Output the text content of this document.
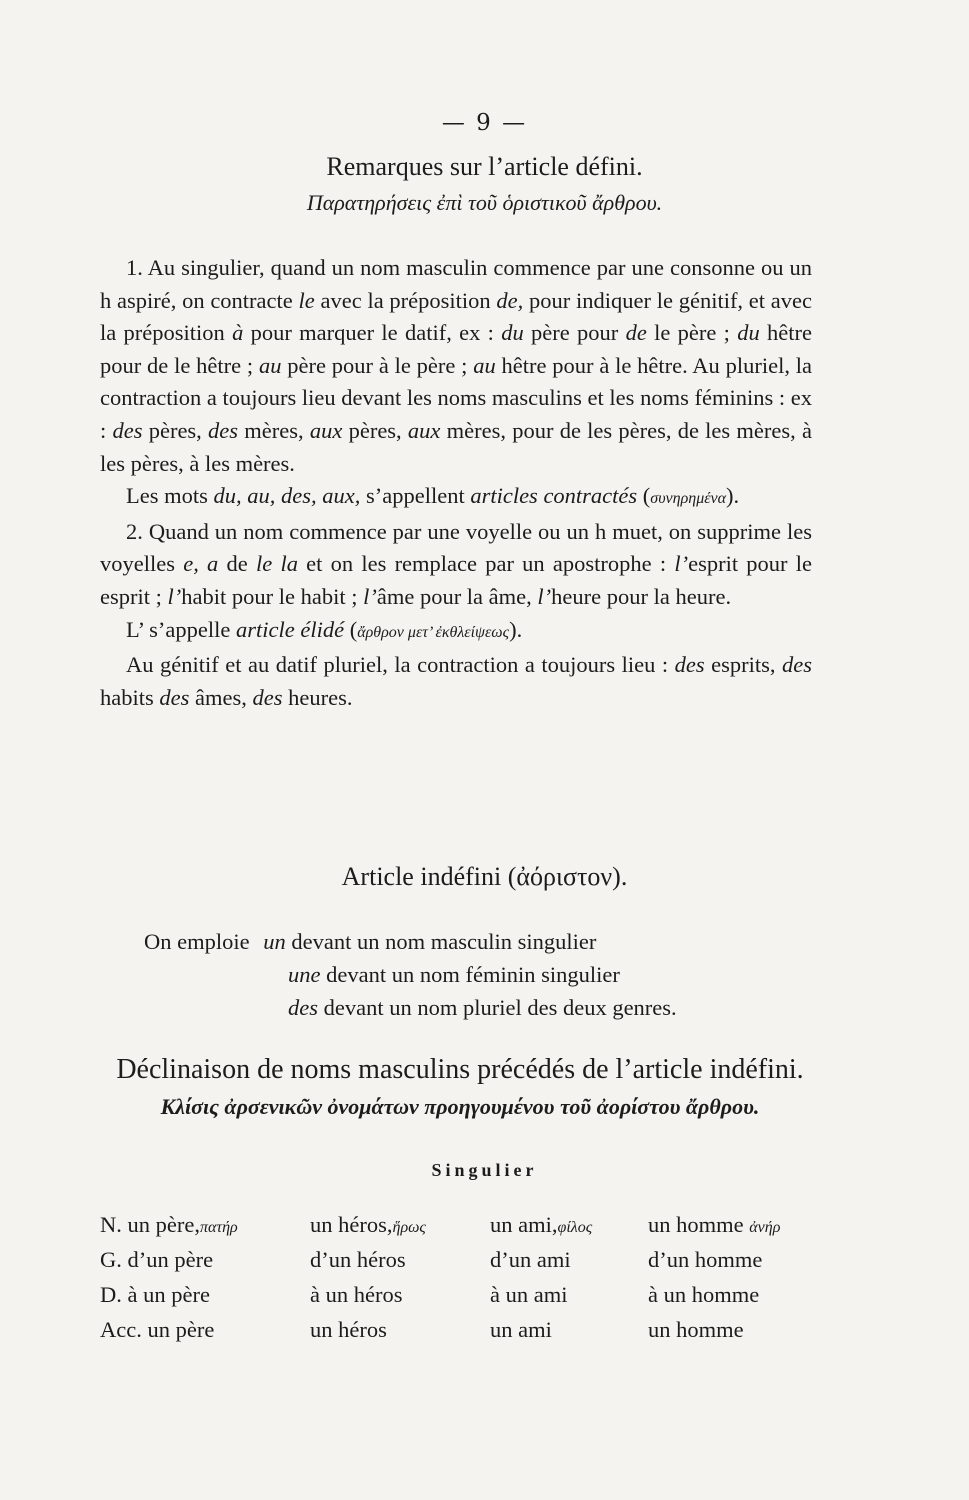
— 9 —
Remarques sur l’article défini.
Παρατηρήσεις ἐπὶ τοῦ ὁριστικοῦ ἄρθρου.

1. Au singulier, quand un nom masculin commence par une consonne ou un h aspiré, on contracte le avec la préposition de, pour indiquer le génitif, et avec la préposition à pour marquer le datif, ex : du père pour de le père ; du hêtre pour de le hêtre ; au père pour à le père ; au hêtre pour à le hêtre. Au pluriel, la contraction a toujours lieu devant les noms masculins et les noms féminins : ex : des pères, des mères, aux pères, aux mères, pour de les pères, de les mères, à les pères, à les mères.

Les mots du, au, des, aux, s’appellent articles contractés (συνηρημένα).

2. Quand un nom commence par une voyelle ou un h muet, on supprime les voyelles e, a de le la et on les remplace par un apostrophe : l’esprit pour le esprit ; l’habit pour le habit ; l’âme pour la âme, l’heure pour la heure.

L’ s’appelle article élidé (ἄρθρον μετ’ ἐκθλείψεως).

Au génitif et au datif pluriel, la contraction a toujours lieu : des esprits, des habits des âmes, des heures.

Article indéfini (ἀόριστον).
On emploie un devant un nom masculin singulier
une devant un nom féminin singulier
des devant un nom pluriel des deux genres.
Déclinaison de noms masculins précédés de l’article indéfini.
Κλίσις ἀρσενικῶν ὀνομάτων προηγουμένου τοῦ ἀορίστου ἄρθρου.
Singulier
N. un père,πατήρ	un héros,ἥρως	un ami,φίλος	un homme ἀνήρ
G. d’un père	d’un héros	d’un ami	d’un homme
D. à un père	à un héros	à un ami	à un homme
Acc. un père	un héros	un ami	un homme
